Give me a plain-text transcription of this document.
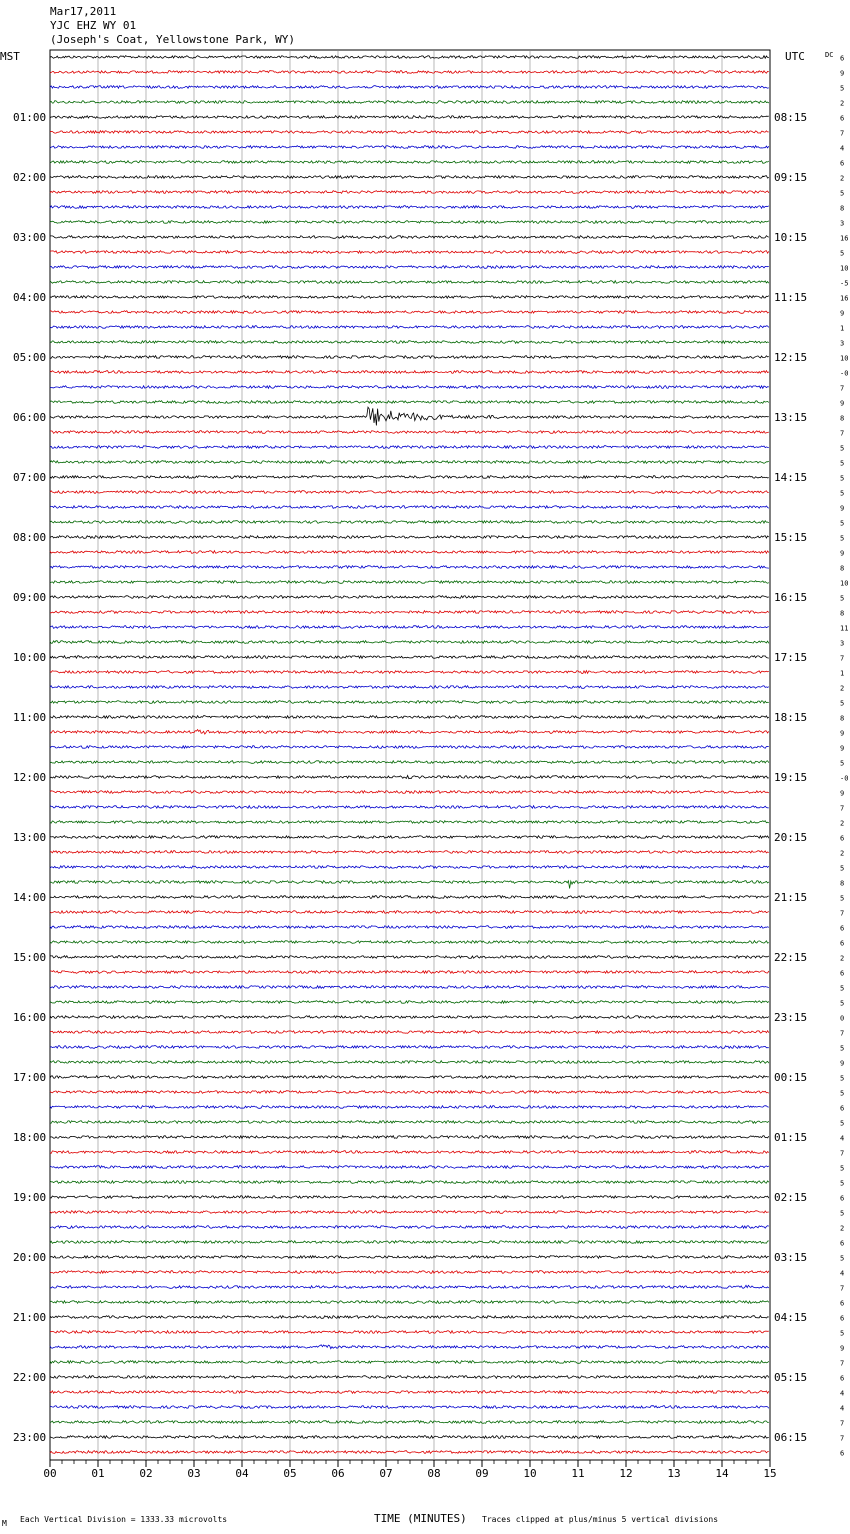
Mar17,2011
YJC EHZ WY 01
(Joseph's Coat, Yellowstone Park, WY)
MST	UTC	DC 6
9
5
2
6
7
4
6
2
5
8
3
16
5
10
-5
16
9
1
3
10
-0
7
9
8
7
5
5
5
5
9
5
5
9
8
10
5
8
11
3
7
1
2
5
8
9
9
5
-0
9
7
2
6
2
5
8
5
7
6
6
2
6
5
5
0
7
5
9
5
5
6
5
4
7
5
5
6
5
2
6
5
4
7
6
6
5
9
7
6
4
4
7
7
6
01:00	08:15
02:00	09:15
03:00	10:15
04:00	11:15
05:00	12:15
06:00	13:15
07:00	14:15
08:00	15:15
09:00	16:15
10:00	17:15
11:00	18:15
12:00	19:15
13:00	20:15
14:00	21:15
15:00	22:15
16:00	23:15
17:00	00:15
18:00	01:15
19:00	02:15
20:00	03:15
21:00	04:15
22:00	05:15
23:00	06:15
00	01	02	03	04	05	06	07	08	09	10	11	12	13	14	15
M Each Vertical Division = 1333.33 microvolts	TIME (MINUTES) Traces clipped at plus/minus 5 vertical divisions
